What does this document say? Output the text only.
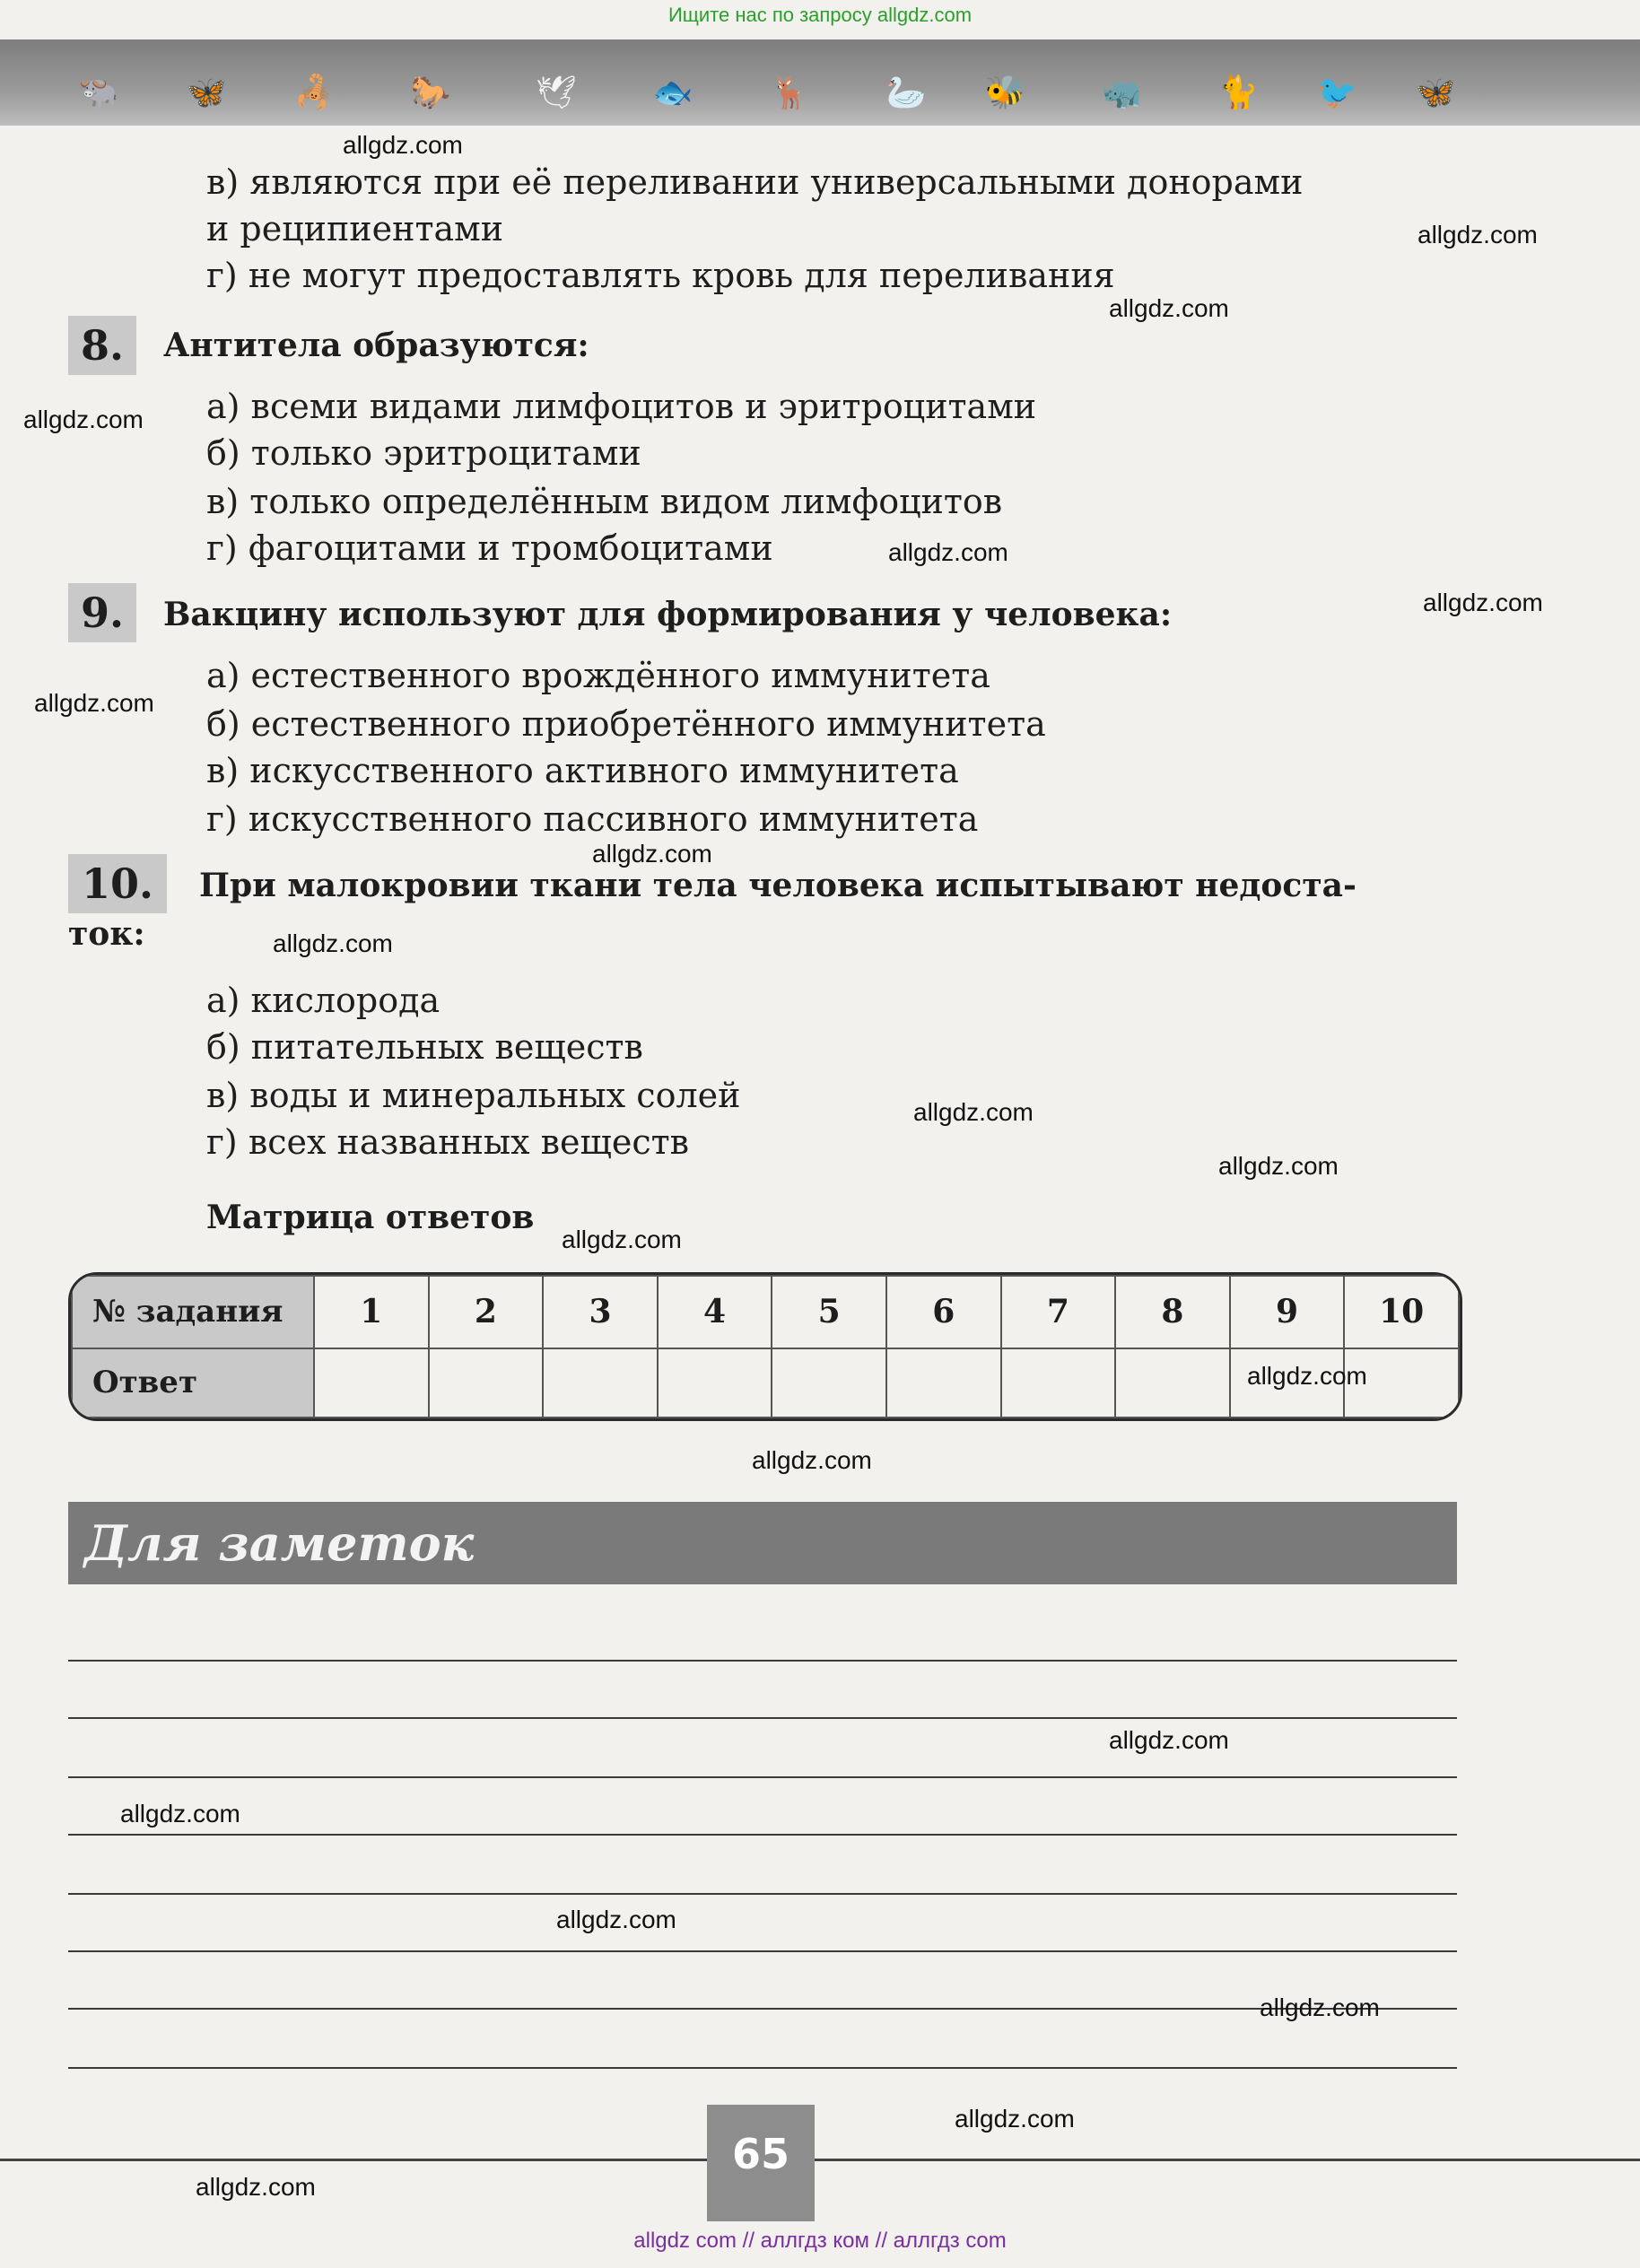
Ищите нас по запросу allgdz.com
🐃 🦋 🦂 🐎	🕊 🐟 🦌 🦢 🐝 🦏 🐈 🐦 🦋
в) являются при её переливании универсальными донорами
и реципиентами
г) не могут предоставлять кровь для переливания
8.	Антитела образуются:
а) всеми видами лимфоцитов и эритроцитами
б) только эритроцитами
в) только определённым видом лимфоцитов
г) фагоцитами и тромбоцитами
9.	Вакцину используют для формирования у человека:
а) естественного врождённого иммунитета
б) естественного приобретённого иммунитета
в) искусственного активного иммунитета
г) искусственного пассивного иммунитета
10.	При малокровии ткани тела человека испытывают недоста-
ток:
а) кислорода
б) питательных веществ
в) воды и минеральных солей
г) всех названных веществ
Матрица ответов
№ задания	1	2	3	4	5	6	7	8	9	10
Ответ										
Для заметок
65
allgdz.com
allgdz.com
allgdz.com
allgdz.com
allgdz.com
allgdz.com
allgdz.com
allgdz.com
allgdz.com
allgdz.com
allgdz.com
allgdz.com
allgdz.com
allgdz.com
allgdz.com
allgdz.com
allgdz.com
allgdz.com
allgdz.com
allgdz.com
allgdz com // аллгдз ком // аллгдз com
